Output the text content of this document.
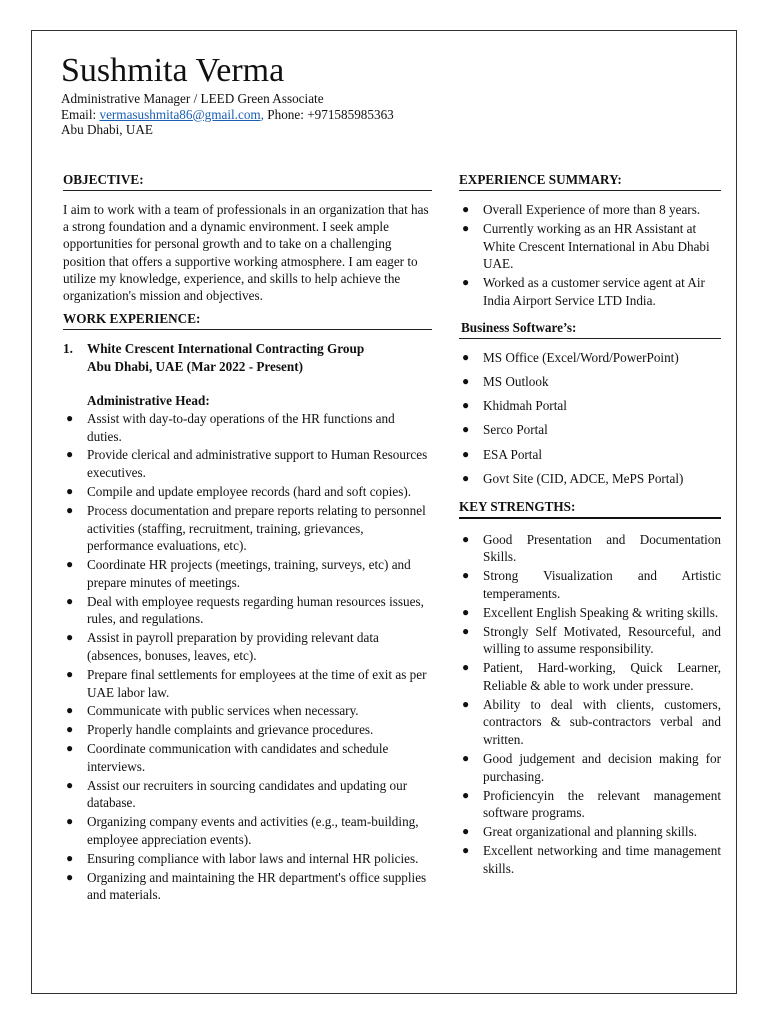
Sushmita Verma
Administrative Manager / LEED Green Associate
Email: vermasushmita86@gmail.com, Phone: +971585985363
Abu Dhabi, UAE
OBJECTIVE:

I aim to work with a team of professionals in an organization that has a strong foundation and a dynamic environment. I seek ample opportunities for personal growth and to take on a challenging position that offers a supportive working atmosphere. I am eager to utilize my knowledge, experience, and skills to help achieve the organization's mission and objectives.

WORK EXPERIENCE:
1. White Crescent International Contracting Group
Abu Dhabi, UAE (Mar 2022 - Present)
Administrative Head:
● Assist with day-to-day operations of the HR functions and duties.
● Provide clerical and administrative support to Human Resources executives.
● Compile and update employee records (hard and soft copies).
● Process documentation and prepare reports relating to personnel activities (staffing, recruitment, training, grievances, performance evaluations, etc).
● Coordinate HR projects (meetings, training, surveys, etc) and prepare minutes of meetings.
● Deal with employee requests regarding human resources issues, rules, and regulations.
● Assist in payroll preparation by providing relevant data (absences, bonuses, leaves, etc).
● Prepare final settlements for employees at the time of exit as per UAE labor law.
● Communicate with public services when necessary.
● Properly handle complaints and grievance procedures.
● Coordinate communication with candidates and schedule interviews.
● Assist our recruiters in sourcing candidates and updating our database.
● Organizing company events and activities (e.g., team-building, employee appreciation events).
● Ensuring compliance with labor laws and internal HR policies.
● Organizing and maintaining the HR department's office supplies and materials.
EXPERIENCE SUMMARY:
● Overall Experience of more than 8 years.
● Currently working as an HR Assistant at White Crescent International in Abu Dhabi UAE.
● Worked as a customer service agent at Air India Airport Service LTD India.
Business Software’s:
● MS Office (Excel/Word/PowerPoint)
● MS Outlook
● Khidmah Portal
● Serco Portal
● ESA Portal
● Govt Site (CID, ADCE, MePS Portal)
KEY STRENGTHS:
● Good Presentation and Documentation Skills.
● Strong Visualization and Artistic temperaments.
● Excellent English Speaking & writing skills.
● Strongly Self Motivated, Resourceful, and willing to assume responsibility.
● Patient, Hard-working, Quick Learner, Reliable & able to work under pressure.
● Ability to deal with clients, customers, contractors & sub-contractors verbal and written.
● Good judgement and decision making for purchasing.
● Proficiencyin the relevant management software programs.
● Great organizational and planning skills.
● Excellent networking and time management skills.
